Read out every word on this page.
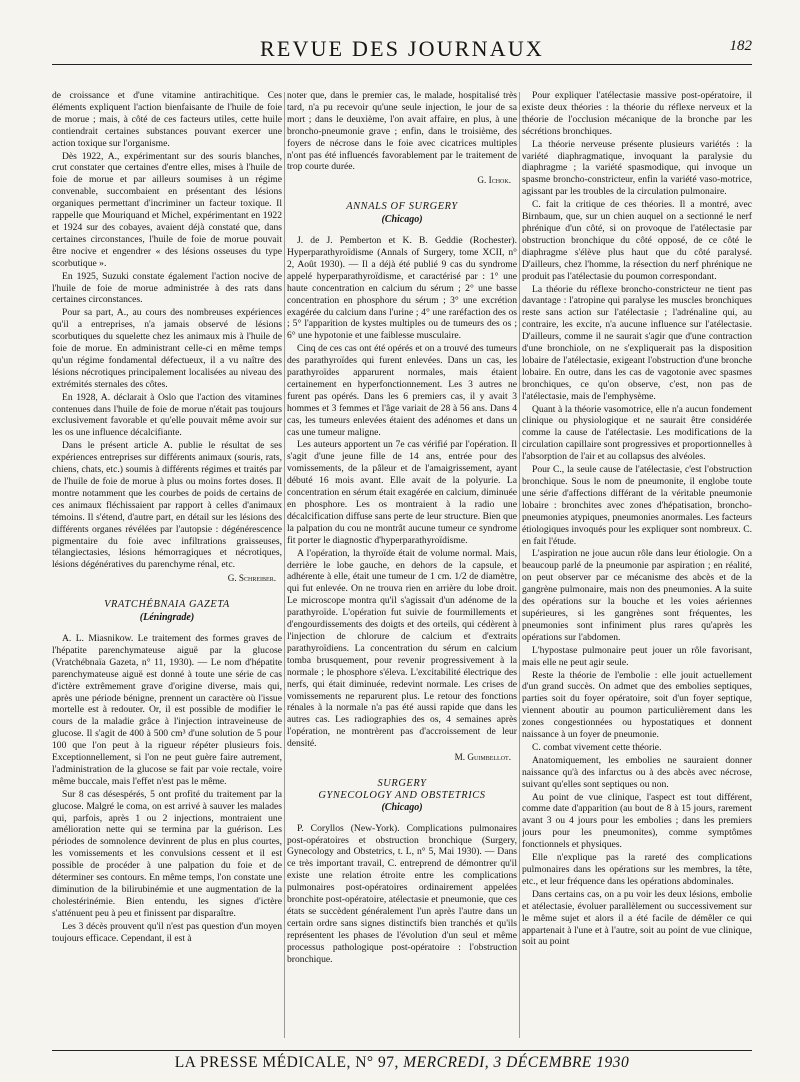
REVUE DES JOURNAUX	182

de croissance et d'une vitamine antirachitique. Ces éléments expliquent l'action bienfaisante de l'huile de foie de morue ; mais, à côté de ces facteurs utiles, cette huile contiendrait certaines substances pouvant exercer une action toxique sur l'organisme.

Dès 1922, A., expérimentant sur des souris blanches, crut constater que certaines d'entre elles, mises à l'huile de foie de morue et par ailleurs soumises à un régime convenable, succombaient en présentant des lésions organiques permettant d'incriminer un facteur toxique. Il rappelle que Mouriquand et Michel, expérimentant en 1922 et 1924 sur des cobayes, avaient déjà constaté que, dans certaines circonstances, l'huile de foie de morue pouvait être nocive et engendrer « des lésions osseuses du type scorbutique ».

En 1925, Suzuki constate également l'action nocive de l'huile de foie de morue administrée à des rats dans certaines circonstances.

Pour sa part, A., au cours des nombreuses expériences qu'il a entreprises, n'a jamais observé de lésions scorbutiques du squelette chez les animaux mis à l'huile de foie de morue. En administrant celle-ci en même temps qu'un régime fondamental défectueux, il a vu naître des lésions nécrotiques principalement localisées au niveau des extrémités sternales des côtes.

En 1928, A. déclarait à Oslo que l'action des vitamines contenues dans l'huile de foie de morue n'était pas toujours exclusivement favorable et qu'elle pouvait même avoir sur les os une influence décalcifiante.

Dans le présent article A. publie le résultat de ses expériences entreprises sur différents animaux (souris, rats, chiens, chats, etc.) soumis à différents régimes et traités par de l'huile de foie de morue à plus ou moins fortes doses. Il montre notamment que les courbes de poids de certains de ces animaux fléchissaient par rapport à celles d'animaux témoins. Il s'étend, d'autre part, en détail sur les lésions des différents organes révélées par l'autopsie : dégénérescence pigmentaire du foie avec infiltrations graisseuses, télangiectasies, lésions hémorragiques et nécrotiques, lésions dégénératives du parenchyme rénal, etc.

G. Schreiber.
VRATCHÉBNAIA GAZETA
(Léningrade)

A. L. Miasnikow. Le traitement des formes graves de l'hépatite parenchymateuse aiguë par la glucose (Vratchébnaïa Gazeta, n° 11, 1930). — Le nom d'hépatite parenchymateuse aiguë est donné à toute une série de cas d'ictère extrêmement grave d'origine diverse, mais qui, après une période bénigne, prennent un caractère où l'issue mortelle est à redouter. Or, il est possible de modifier le cours de la maladie grâce à l'injection intraveineuse de glucose. Il s'agit de 400 à 500 cm³ d'une solution de 5 pour 100 que l'on peut à la rigueur répéter plusieurs fois. Exceptionnellement, si l'on ne peut guère faire autrement, l'administration de la glucose se fait par voie rectale, voire même buccale, mais l'effet n'est pas le même.

Sur 8 cas désespérés, 5 ont profité du traitement par la glucose. Malgré le coma, on est arrivé à sauver les malades qui, parfois, après 1 ou 2 injections, montraient une amélioration nette qui se termina par la guérison. Les périodes de somnolence devinrent de plus en plus courtes, les vomissements et les convulsions cessent et il est possible de procéder à une palpation du foie et de déterminer ses contours. En même temps, l'on constate une diminution de la bilirubinémie et une augmentation de la cholestérinémie. Bien entendu, les signes d'ictère s'atténuent peu à peu et finissent par disparaître.

Les 3 décès prouvent qu'il n'est pas question d'un moyen toujours efficace. Cependant, il est à

noter que, dans le premier cas, le malade, hospitalisé très tard, n'a pu recevoir qu'une seule injection, le jour de sa mort ; dans le deuxième, l'on avait affaire, en plus, à une broncho-pneumonie grave ; enfin, dans le troisième, des foyers de nécrose dans le foie avec cicatrices multiples n'ont pas été influencés favorablement par le traitement de trop courte durée.

G. Ichok.
ANNALS OF SURGERY
(Chicago)

J. de J. Pemberton et K. B. Geddie (Rochester). Hyperparathyroïdisme (Annals of Surgery, tome XCII, n° 2, Août 1930). — Il a déjà été publié 9 cas du syndrome appelé hyperparathyroïdisme, et caractérisé par : 1° une haute concentration en calcium du sérum ; 2° une basse concentration en phosphore du sérum ; 3° une excrétion exagérée du calcium dans l'urine ; 4° une raréfaction des os ; 5° l'apparition de kystes multiples ou de tumeurs des os ; 6° une hypotonie et une faiblesse musculaire.

Cinq de ces cas ont été opérés et on a trouvé des tumeurs des parathyroïdes qui furent enlevées. Dans un cas, les parathyroïdes apparurent normales, mais étaient certainement en hyperfonctionnement. Les 3 autres ne furent pas opérés. Dans les 6 premiers cas, il y avait 3 hommes et 3 femmes et l'âge variait de 28 à 56 ans. Dans 4 cas, les tumeurs enlevées étaient des adénomes et dans un cas une tumeur maligne.

Les auteurs apportent un 7e cas vérifié par l'opération. Il s'agit d'une jeune fille de 14 ans, entrée pour des vomissements, de la pâleur et de l'amaigrissement, ayant débuté 16 mois avant. Elle avait de la polyurie. La concentration en sérum était exagérée en calcium, diminuée en phosphore. Les os montraient à la radio une décalcification diffuse sans perte de leur structure. Bien que la palpation du cou ne montrât aucune tumeur ce syndrome fit porter le diagnostic d'hyperparathyroïdisme.

A l'opération, la thyroïde était de volume normal. Mais, derrière le lobe gauche, en dehors de la capsule, et adhérente à elle, était une tumeur de 1 cm. 1/2 de diamètre, qui fut enlevée. On ne trouva rien en arrière du lobe droit. Le microscope montra qu'il s'agissait d'un adénome de la parathyroïde. L'opération fut suivie de fourmillements et d'engourdissements des doigts et des orteils, qui cédèrent à l'injection de chlorure de calcium et d'extraits parathyroïdiens. La concentration du sérum en calcium tomba brusquement, pour revenir progressivement à la normale ; le phosphore s'éleva. L'excitabilité électrique des nerfs, qui était diminuée, redevint normale. Les crises de vomissements ne reparurent plus. Le retour des fonctions rénales à la normale n'a pas été aussi rapide que dans les autres cas. Les radiographies des os, 4 semaines après l'opération, ne montrèrent pas d'accroissement de leur densité.

M. Guimbellot.
SURGERY
GYNECOLOGY AND OBSTETRICS
(Chicago)

P. Coryllos (New-York). Complications pulmonaires post-opératoires et obstruction bronchique (Surgery, Gynecology and Obstetrics, t. L, n° 5, Mai 1930). — Dans ce très important travail, C. entreprend de démontrer qu'il existe une relation étroite entre les complications pulmonaires post-opératoires ordinairement appelées bronchite post-opératoire, atélectasie et pneumonie, que ces états se succèdent généralement l'un après l'autre dans un certain ordre sans signes distinctifs bien tranchés et qu'ils représentent les phases de l'évolution d'un seul et même processus pathologique post-opératoire : l'obstruction bronchique.

Pour expliquer l'atélectasie massive post-opératoire, il existe deux théories : la théorie du réflexe nerveux et la théorie de l'occlusion mécanique de la bronche par les sécrétions bronchiques.

La théorie nerveuse présente plusieurs variétés : la variété diaphragmatique, invoquant la paralysie du diaphragme ; la variété spasmodique, qui invoque un spasme broncho-constricteur, enfin la variété vaso-motrice, agissant par les troubles de la circulation pulmonaire.

C. fait la critique de ces théories. Il a montré, avec Birnbaum, que, sur un chien auquel on a sectionné le nerf phrénique d'un côté, si on provoque de l'atélectasie par obstruction bronchique du côté opposé, de ce côté le diaphragme s'élève plus haut que du côté paralysé. D'ailleurs, chez l'homme, la résection du nerf phrénique ne produit pas l'atélectasie du poumon correspondant.

La théorie du réflexe broncho-constricteur ne tient pas davantage : l'atropine qui paralyse les muscles bronchiques reste sans action sur l'atélectasie ; l'adrénaline qui, au contraire, les excite, n'a aucune influence sur l'atélectasie. D'ailleurs, comme il ne saurait s'agir que d'une contraction d'une bronchiole, on ne s'expliquerait pas la disposition lobaire de l'atélectasie, exigeant l'obstruction d'une bronche lobaire. En outre, dans les cas de vagotonie avec spasmes bronchiques, ce qu'on observe, c'est, non pas de l'atélectasie, mais de l'emphysème.

Quant à la théorie vasomotrice, elle n'a aucun fondement clinique ou physiologique et ne saurait être considérée comme la cause de l'atélectasie. Les modifications de la circulation capillaire sont progressives et proportionnelles à l'absorption de l'air et au collapsus des alvéoles.

Pour C., la seule cause de l'atélectasie, c'est l'obstruction bronchique. Sous le nom de pneumonite, il englobe toute une série d'affections différant de la véritable pneumonie lobaire : bronchites avec zones d'hépatisation, broncho-pneumonies atypiques, pneumonies anormales. Les facteurs étiologiques invoqués pour les expliquer sont nombreux. C. en fait l'étude.

L'aspiration ne joue aucun rôle dans leur étiologie. On a beaucoup parlé de la pneumonie par aspiration ; en réalité, on peut observer par ce mécanisme des abcès et de la gangrène pulmonaire, mais non des pneumonies. A la suite des opérations sur la bouche et les voies aériennes supérieures, si les gangrènes sont fréquentes, les pneumonies sont infiniment plus rares qu'après les opérations sur l'abdomen.

L'hypostase pulmonaire peut jouer un rôle favorisant, mais elle ne peut agir seule.

Reste la théorie de l'embolie : elle jouit actuellement d'un grand succès. On admet que des embolies septiques, parties soit du foyer opératoire, soit d'un foyer septique, viennent aboutir au poumon particulièrement dans les zones congestionnées ou hypostatiques et donnent naissance à un foyer de pneumonie.

C. combat vivement cette théorie.

Anatomiquement, les embolies ne sauraient donner naissance qu'à des infarctus ou à des abcès avec nécrose, suivant qu'elles sont septiques ou non.

Au point de vue clinique, l'aspect est tout différent, comme date d'apparition (au bout de 8 à 15 jours, rarement avant 3 ou 4 jours pour les embolies ; dans les premiers jours pour les pneumonites), comme symptômes fonctionnels et physiques.

Elle n'explique pas la rareté des complications pulmonaires dans les opérations sur les membres, la tête, etc., et leur fréquence dans les opérations abdominales.

Dans certains cas, on a pu voir les deux lésions, embolie et atélectasie, évoluer parallèlement ou successivement sur le même sujet et alors il a été facile de démêler ce qui appartenait à l'une et à l'autre, soit au point de vue clinique, soit au point

LA PRESSE MÉDICALE, N° 97, MERCREDI, 3 DÉCEMBRE 1930
